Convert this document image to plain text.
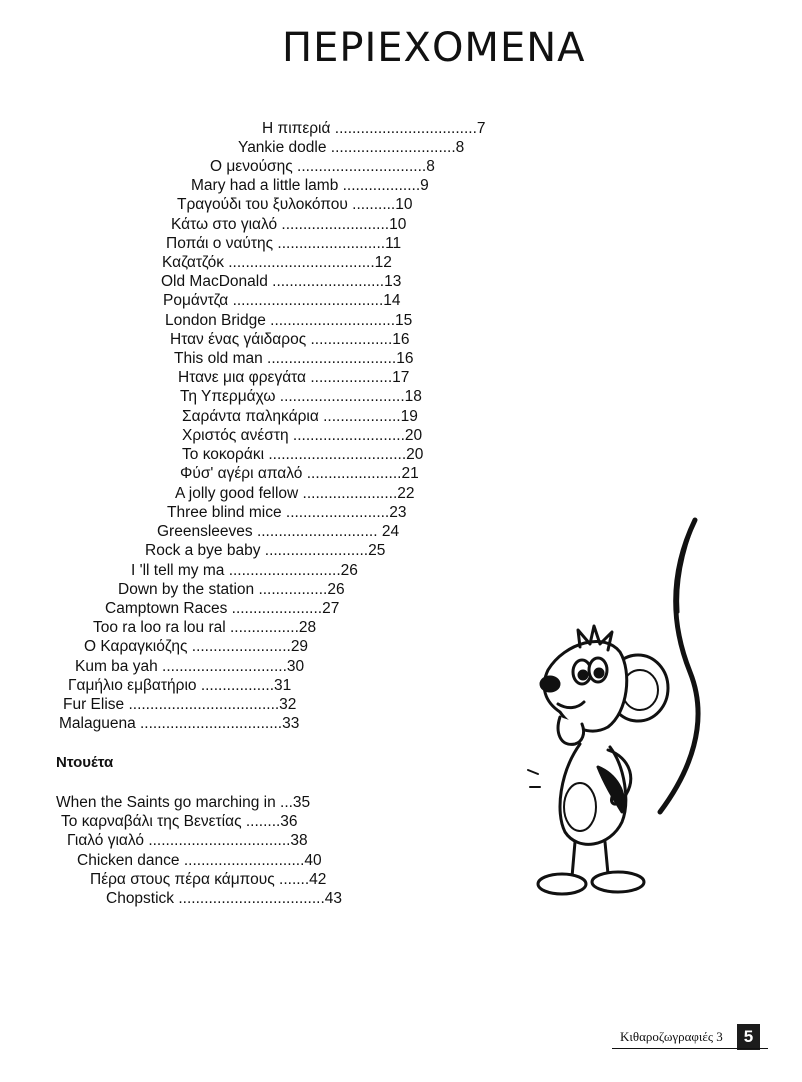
ΠΕΡΙΕΧΟΜΕΝΑ
Η πιπεριά .................................7
Yankie dodle .............................8
Ο μενούσης ..............................8
Mary had a little lamb ..................9
Τραγούδι του ξυλοκόπου ..........10
Κάτω στο γιαλό .........................10
Ποπάι ο ναύτης .........................11
Καζατζόκ ..................................12
Old MacDonald ..........................13
Ρομάντζα ...................................14
London Bridge .............................15
Ηταν ένας γάιδαρος ...................16
This old man ..............................16
Ητανε μια φρεγάτα ...................17
Τη Υπερμάχω .............................18
Σαράντα παληκάρια ..................19
Χριστός ανέστη ..........................20
Το κοκοράκι ................................20
Φύσ' αγέρι απαλό ......................21
A jolly good fellow ......................22
Three blind mice ........................23
Greensleeves ............................ 24
Rock a bye baby ........................25
I 'll tell my ma ..........................26
Down by the station ................26
Camptown Races .....................27
Too ra loo ra lou ral ................28
Ο Καραγκιόζης .......................29
Kum ba yah .............................30
Γαμήλιο εμβατήριο .................31
Fur Elise ...................................32
Malaguena .................................33
Ντουέτα
When the Saints go marching in ...35
Το καρναβάλι της Βενετίας ........36
Γιαλό γιαλό .................................38
Chicken dance ............................40
Πέρα στους πέρα κάμπους .......42
Chopstick ..................................43
Κιθαροζωγραφιές 3	5
